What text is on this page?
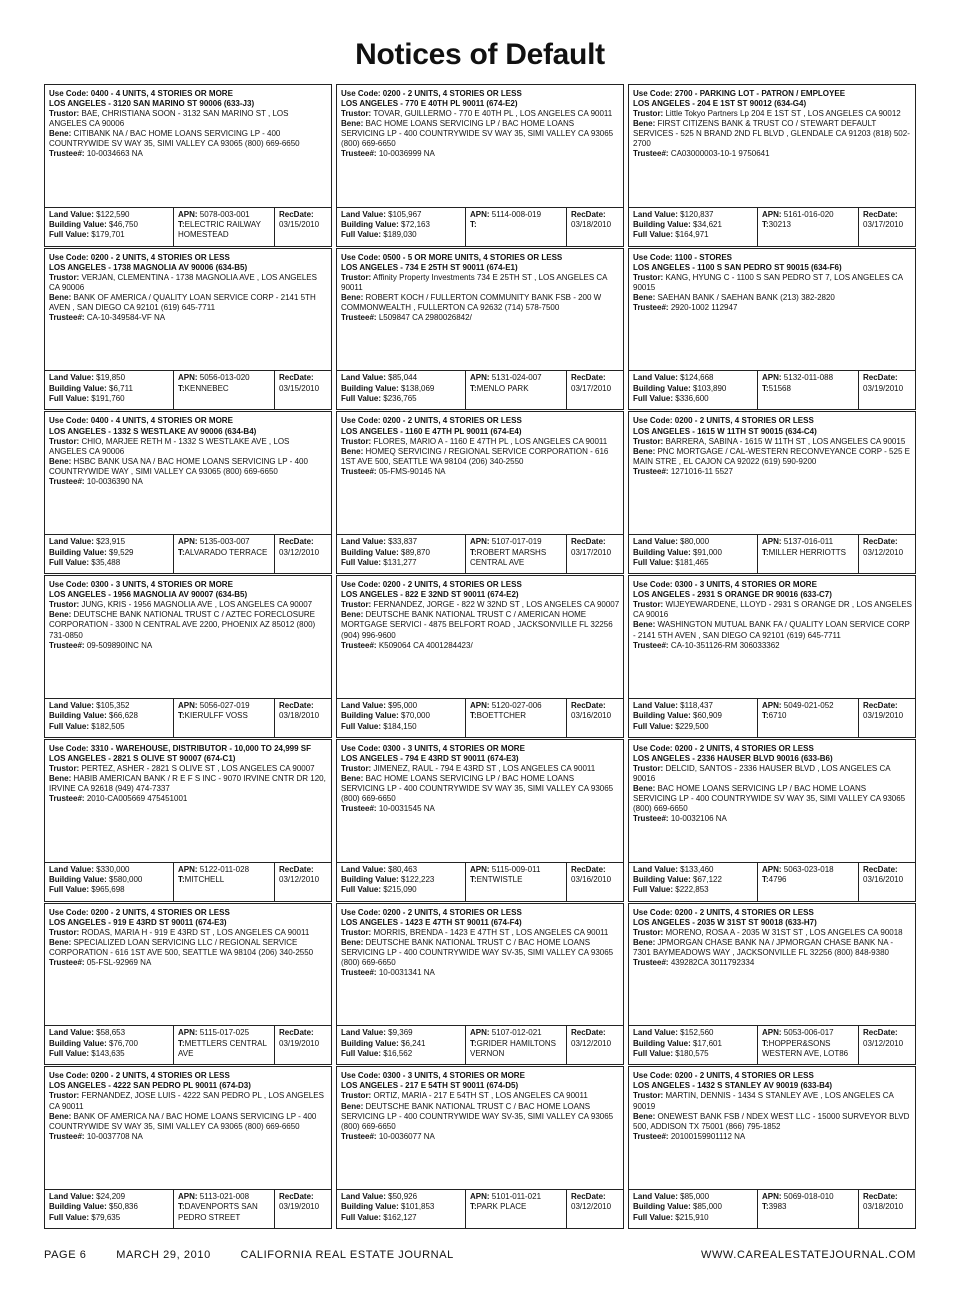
Notices of Default
Use Code: 0400 - 4 UNITS, 4 STORIES OR MORE
LOS ANGELES - 3120 SAN MARINO ST 90006 (633-J3)
Trustor: BAE, CHRISTIANA SOON - 3132 SAN MARINO ST , LOS ANGELES CA 90006
Bene: CITIBANK NA / BAC HOME LOANS SERVICING LP - 400 COUNTRYWIDE SV WAY 35, SIMI VALLEY CA 93065 (800) 669-6650
Trustee#: 10-0034663 NA
Land Value: $122,590
Building Value: $46,750
Full Value: $179,701
APN: 5078-003-001
T:ELECTRIC RAILWAY HOMESTEAD
RecDate:
03/15/2010
Use Code: 0200 - 2 UNITS, 4 STORIES OR LESS
LOS ANGELES - 770 E 40TH PL 90011 (674-E2)
Trustor: TOVAR, GUILLERMO - 770 E 40TH PL , LOS ANGELES CA 90011
Bene: BAC HOME LOANS SERVICING LP / BAC HOME LOANS SERVICING LP - 400 COUNTRYWIDE SV WAY 35, SIMI VALLEY CA 93065 (800) 669-6650
Trustee#: 10-0036999 NA
Land Value: $105,967
Building Value: $72,163
Full Value: $189,030
APN: 5114-008-019
T:
RecDate:
03/18/2010
Use Code: 2700 - PARKING LOT - PATRON / EMPLOYEE
LOS ANGELES - 204 E 1ST ST 90012 (634-G4)
Trustor: Little Tokyo Partners Lp 204 E 1ST ST , LOS ANGELES CA 90012
Bene: FIRST CITIZENS BANK & TRUST CO / STEWART DEFAULT SERVICES - 525 N BRAND 2ND FL BLVD , GLENDALE CA 91203 (818) 502-2700
Trustee#: CA03000003-10-1 9750641
Land Value: $120,837
Building Value: $34,621
Full Value: $164,971
APN: 5161-016-020
T:30213
RecDate:
03/17/2010
Use Code: 0200 - 2 UNITS, 4 STORIES OR LESS
LOS ANGELES - 1738 MAGNOLIA AV 90006 (634-B5)
Trustor: VERJAN, CLEMENTINA - 1738 MAGNOLIA AVE , LOS ANGELES CA 90006
Bene: BANK OF AMERICA / QUALITY LOAN SERVICE CORP - 2141 5TH AVEN , SAN DIEGO CA 92101 (619) 645-7711
Trustee#: CA-10-349584-VF NA
Land Value: $19,850
Building Value: $6,711
Full Value: $191,760
APN: 5056-013-020
T:KENNEBEC
RecDate:
03/15/2010
Use Code: 0500 - 5 OR MORE UNITS, 4 STORIES OR LESS
LOS ANGELES - 734 E 25TH ST 90011 (674-E1)
Trustor: Affinity Property Investments 734 E 25TH ST , LOS ANGELES CA 90011
Bene: ROBERT KOCH / FULLERTON COMMUNITY BANK FSB - 200 W COMMONWEALTH , FULLERTON CA 92632 (714) 578-7500
Trustee#: L509847 CA 2980026842/
Land Value: $85,044
Building Value: $138,069
Full Value: $236,765
APN: 5131-024-007
T:MENLO PARK
RecDate:
03/17/2010
Use Code: 1100 - STORES
LOS ANGELES - 1100 S SAN PEDRO ST 90015 (634-F6)
Trustor: KANG, HYUNG C - 1100 S SAN PEDRO ST 7, LOS ANGELES CA 90015
Bene: SAEHAN BANK / SAEHAN BANK (213) 382-2820
Trustee#: 2920-1002 112947
Land Value: $124,668
Building Value: $103,890
Full Value: $336,600
APN: 5132-011-088
T:51568
RecDate:
03/19/2010
Use Code: 0400 - 4 UNITS, 4 STORIES OR MORE
LOS ANGELES - 1332 S WESTLAKE AV 90006 (634-B4)
Trustor: CHIO, MARJEE RETH M - 1332 S WESTLAKE AVE , LOS ANGELES CA 90006
Bene: HSBC BANK USA NA / BAC HOME LOANS SERVICING LP - 400 COUNTRYWIDE WAY , SIMI VALLEY CA 93065 (800) 669-6650
Trustee#: 10-0036390 NA
Land Value: $23,915
Building Value: $9,529
Full Value: $35,488
APN: 5135-003-007
T:ALVARADO TERRACE
RecDate:
03/12/2010
Use Code: 0200 - 2 UNITS, 4 STORIES OR LESS
LOS ANGELES - 1160 E 47TH PL 90011 (674-E4)
Trustor: FLORES, MARIO A - 1160 E 47TH PL , LOS ANGELES CA 90011
Bene: HOMEQ SERVICING / REGIONAL SERVICE CORPORATION - 616 1ST AVE 500, SEATTLE WA 98104 (206) 340-2550
Trustee#: 05-FMS-90145 NA
Land Value: $33,837
Building Value: $89,870
Full Value: $131,277
APN: 5107-017-019
T:ROBERT MARSHS CENTRAL AVE
RecDate:
03/17/2010
Use Code: 0200 - 2 UNITS, 4 STORIES OR LESS
LOS ANGELES - 1615 W 11TH ST 90015 (634-C4)
Trustor: BARRERA, SABINA - 1615 W 11TH ST , LOS ANGELES CA 90015
Bene: PNC MORTGAGE / CAL-WESTERN RECONVEYANCE CORP - 525 E MAIN STRE , EL CAJON CA 92022 (619) 590-9200
Trustee#: 1271016-11 5527
Land Value: $80,000
Building Value: $91,000
Full Value: $181,465
APN: 5137-016-011
T:MILLER HERRIOTTS
RecDate:
03/12/2010
Use Code: 0300 - 3 UNITS, 4 STORIES OR MORE
LOS ANGELES - 1956 MAGNOLIA AV 90007 (634-B5)
Trustor: JUNG, KRIS - 1956 MAGNOLIA AVE , LOS ANGELES CA 90007
Bene: DEUTSCHE BANK NATIONAL TRUST C / AZTEC FORECLOSURE CORPORATION - 3300 N CENTRAL AVE 2200, PHOENIX AZ 85012 (800) 731-0850
Trustee#: 09-509890INC NA
Land Value: $105,352
Building Value: $66,628
Full Value: $182,505
APN: 5056-027-019
T:KIERULFF VOSS
RecDate:
03/18/2010
Use Code: 0200 - 2 UNITS, 4 STORIES OR LESS
LOS ANGELES - 822 E 32ND ST 90011 (674-E2)
Trustor: FERNANDEZ, JORGE - 822 W 32ND ST , LOS ANGELES CA 90007
Bene: DEUTSCHE BANK NATIONAL TRUST C / AMERICAN HOME MORTGAGE SERVICI - 4875 BELFORT ROAD , JACKSONVILLE FL 32256 (904) 996-9600
Trustee#: K509064 CA 4001284423/
Land Value: $95,000
Building Value: $70,000
Full Value: $184,150
APN: 5120-027-006
T:BOETTCHER
RecDate:
03/16/2010
Use Code: 0300 - 3 UNITS, 4 STORIES OR MORE
LOS ANGELES - 2931 S ORANGE DR 90016 (633-C7)
Trustor: WIJEYEWARDENE, LLOYD - 2931 S ORANGE DR , LOS ANGELES CA 90016
Bene: WASHINGTON MUTUAL BANK FA / QUALITY LOAN SERVICE CORP - 2141 5TH AVEN , SAN DIEGO CA 92101 (619) 645-7711
Trustee#: CA-10-351126-RM 306033362
Land Value: $118,437
Building Value: $60,909
Full Value: $229,500
APN: 5049-021-052
T:6710
RecDate:
03/19/2010
Use Code: 3310 - WAREHOUSE, DISTRIBUTOR - 10,000 TO 24,999 SF
LOS ANGELES - 2821 S OLIVE ST 90007 (674-C1)
Trustor: PERTEZ, ASHER - 2821 S OLIVE ST , LOS ANGELES CA 90007
Bene: HABIB AMERICAN BANK / R E F S INC - 9070 IRVINE CNTR DR 120, IRVINE CA 92618 (949) 474-7337
Trustee#: 2010-CA005669 475451001
Land Value: $330,000
Building Value: $580,000
Full Value: $965,698
APN: 5122-011-028
T:MITCHELL
RecDate:
03/12/2010
Use Code: 0300 - 3 UNITS, 4 STORIES OR MORE
LOS ANGELES - 794 E 43RD ST 90011 (674-E3)
Trustor: JIMENEZ, RAUL - 794 E 43RD ST , LOS ANGELES CA 90011
Bene: BAC HOME LOANS SERVICING LP / BAC HOME LOANS SERVICING LP - 400 COUNTRYWIDE SV WAY 35, SIMI VALLEY CA 93065 (800) 669-6650
Trustee#: 10-0031545 NA
Land Value: $80,463
Building Value: $122,223
Full Value: $215,090
APN: 5115-009-011
T:ENTWISTLE
RecDate:
03/16/2010
Use Code: 0200 - 2 UNITS, 4 STORIES OR LESS
LOS ANGELES - 2336 HAUSER BLVD 90016 (633-B6)
Trustor: DELCID, SANTOS - 2336 HAUSER BLVD , LOS ANGELES CA 90016
Bene: BAC HOME LOANS SERVICING LP / BAC HOME LOANS SERVICING LP - 400 COUNTRYWIDE SV WAY 35, SIMI VALLEY CA 93065 (800) 669-6650
Trustee#: 10-0032106 NA
Land Value: $133,460
Building Value: $67,122
Full Value: $222,853
APN: 5063-023-018
T:4796
RecDate:
03/16/2010
Use Code: 0200 - 2 UNITS, 4 STORIES OR LESS
LOS ANGELES - 919 E 43RD ST 90011 (674-E3)
Trustor: RODAS, MARIA H - 919 E 43RD ST , LOS ANGELES CA 90011
Bene: SPECIALIZED LOAN SERVICING LLC / REGIONAL SERVICE CORPORATION - 616 1ST AVE 500, SEATTLE WA 98104 (206) 340-2550
Trustee#: 05-FSL-92969 NA
Land Value: $58,653
Building Value: $76,700
Full Value: $143,635
APN: 5115-017-025
T:METTLERS CENTRAL AVE
RecDate:
03/19/2010
Use Code: 0200 - 2 UNITS, 4 STORIES OR LESS
LOS ANGELES - 1423 E 47TH ST 90011 (674-F4)
Trustor: MORRIS, BRENDA - 1423 E 47TH ST , LOS ANGELES CA 90011
Bene: DEUTSCHE BANK NATIONAL TRUST C / BAC HOME LOANS SERVICING LP - 400 COUNTRYWIDE WAY SV-35, SIMI VALLEY CA 93065 (800) 669-6650
Trustee#: 10-0031341 NA
Land Value: $9,369
Building Value: $6,241
Full Value: $16,562
APN: 5107-012-021
T:GRIDER HAMILTONS VERNON
RecDate:
03/12/2010
Use Code: 0200 - 2 UNITS, 4 STORIES OR LESS
LOS ANGELES - 2035 W 31ST ST 90018 (633-H7)
Trustor: MORENO, ROSA A - 2035 W 31ST ST , LOS ANGELES CA 90018
Bene: JPMORGAN CHASE BANK NA / JPMORGAN CHASE BANK NA - 7301 BAYMEADOWS WAY , JACKSONVILLE FL 32256 (800) 848-9380
Trustee#: 439282CA 3011792334
Land Value: $152,560
Building Value: $17,601
Full Value: $180,575
APN: 5053-006-017
T:HOPPER&SONS WESTERN AVE, LOT86
RecDate:
03/12/2010
Use Code: 0200 - 2 UNITS, 4 STORIES OR LESS
LOS ANGELES - 4222 SAN PEDRO PL 90011 (674-D3)
Trustor: FERNANDEZ, JOSE LUIS - 4222 SAN PEDRO PL , LOS ANGELES CA 90011
Bene: BANK OF AMERICA NA / BAC HOME LOANS SERVICING LP - 400 COUNTRYWIDE SV WAY 35, SIMI VALLEY CA 93065 (800) 669-6650
Trustee#: 10-0037708 NA
Land Value: $24,209
Building Value: $50,836
Full Value: $79,635
APN: 5113-021-008
T:DAVENPORTS SAN PEDRO STREET
RecDate:
03/19/2010
Use Code: 0300 - 3 UNITS, 4 STORIES OR MORE
LOS ANGELES - 217 E 54TH ST 90011 (674-D5)
Trustor: ORTIZ, MARIA - 217 E 54TH ST , LOS ANGELES CA 90011
Bene: DEUTSCHE BANK NATIONAL TRUST C / BAC HOME LOANS SERVICING LP - 400 COUNTRYWIDE WAY SV-35, SIMI VALLEY CA 93065 (800) 669-6650
Trustee#: 10-0036077 NA
Land Value: $50,926
Building Value: $101,853
Full Value: $162,127
APN: 5101-011-021
T:PARK PLACE
RecDate:
03/12/2010
Use Code: 0200 - 2 UNITS, 4 STORIES OR LESS
LOS ANGELES - 1432 S STANLEY AV 90019 (633-B4)
Trustor: MARTIN, DENNIS - 1434 S STANLEY AVE , LOS ANGELES CA 90019
Bene: ONEWEST BANK FSB / NDEX WEST LLC - 15000 SURVEYOR BLVD 500, ADDISON TX 75001 (866) 795-1852
Trustee#: 20100159901112 NA
Land Value: $85,000
Building Value: $85,000
Full Value: $215,910
APN: 5069-018-010
T:3983
RecDate:
03/18/2010
PAGE 6	MARCH 29, 2010	CALIFORNIA REAL ESTATE JOURNAL	WWW.CAREALESTATEJOURNAL.COM
